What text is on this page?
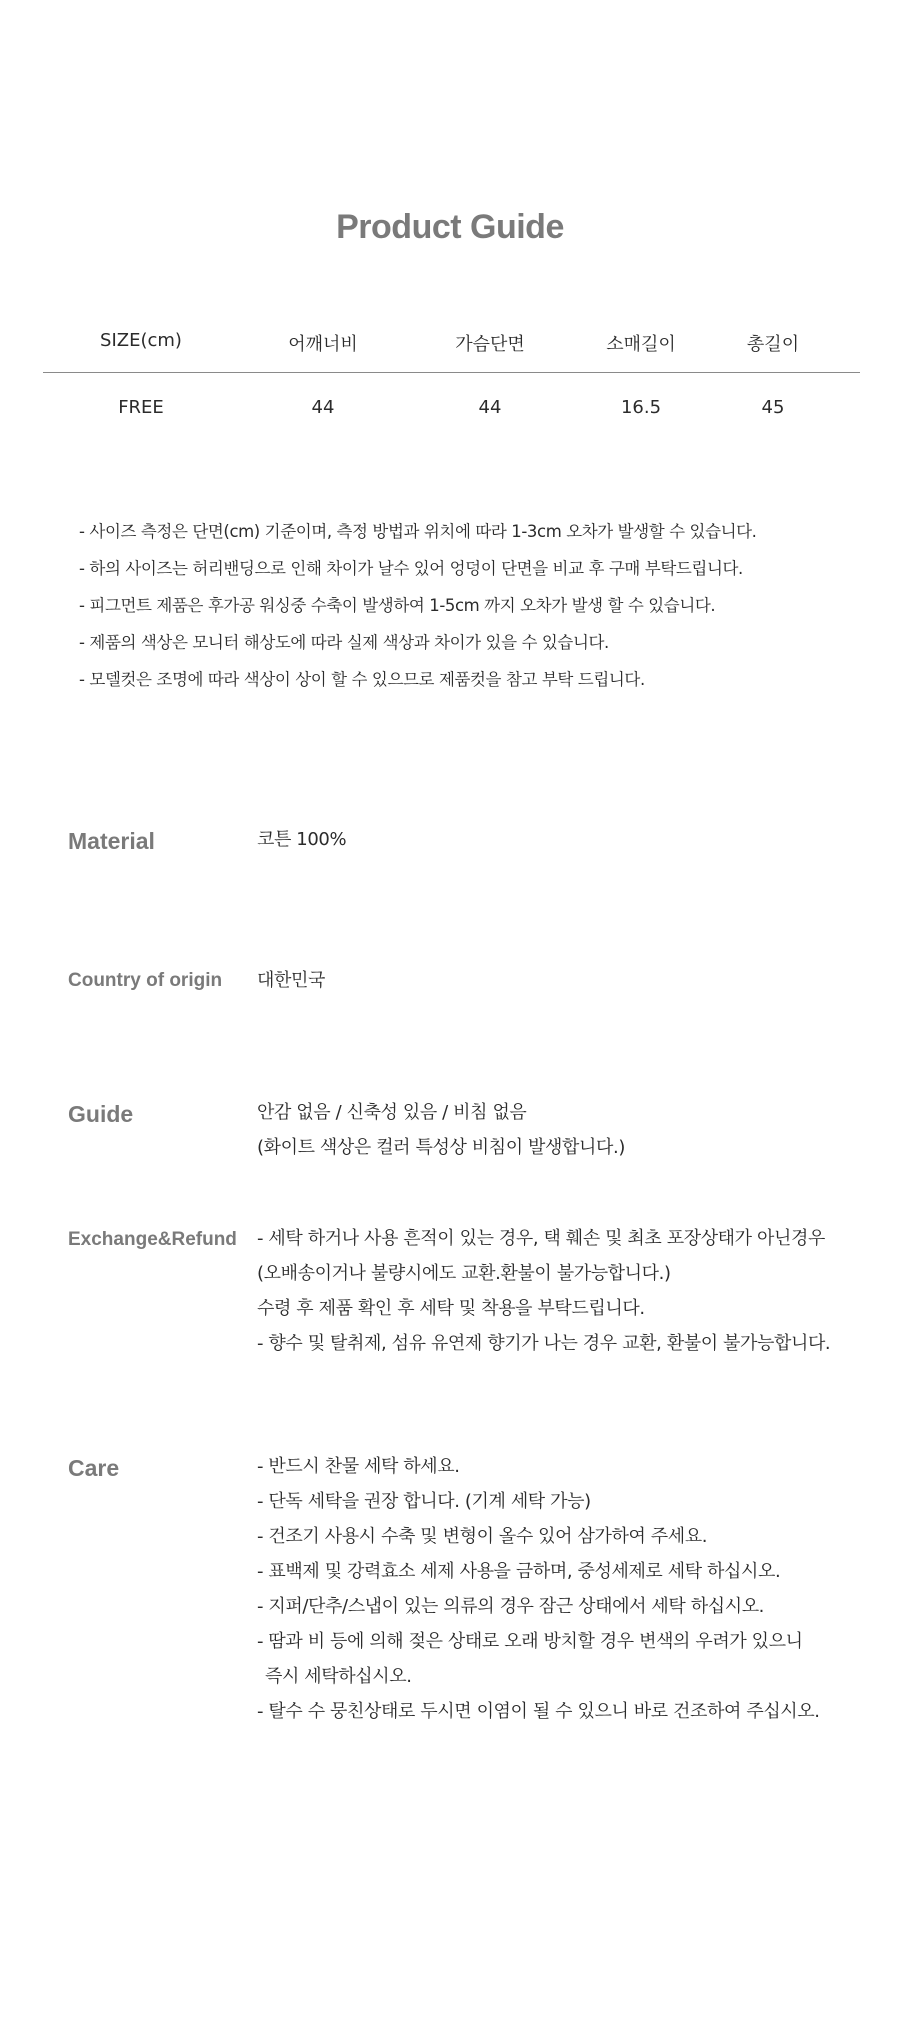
Product Guide
SIZE(cm)	어깨너비	가슴단면	소매길이	총길이
FREE	44	44	16.5	45
- 사이즈 측정은 단면(cm) 기준이며, 측정 방법과 위치에 따라 1-3cm 오차가 발생할 수 있습니다.
- 하의 사이즈는 허리밴딩으로 인해 차이가 날수 있어 엉덩이 단면을 비교 후 구매 부탁드립니다.
- 피그먼트 제품은 후가공 워싱중 수축이 발생하여 1-5cm 까지 오차가 발생 할 수 있습니다.
- 제품의 색상은 모니터 해상도에 따라 실제 색상과 차이가 있을 수 있습니다.
- 모델컷은 조명에 따라 색상이 상이 할 수 있으므로 제품컷을 참고 부탁 드립니다.
Material	코튼 100%
Country of origin 대한민국
Guide	안감 없음 / 신축성 있음 / 비침 없음
(화이트 색상은 컬러 특성상 비침이 발생합니다.)
Exchange&Refund - 세탁 하거나 사용 흔적이 있는 경우, 택 훼손 및 최초 포장상태가 아닌경우
(오배송이거나 불량시에도 교환.환불이 불가능합니다.)
수령 후 제품 확인 후 세탁 및 착용을 부탁드립니다.
- 향수 및 탈취제, 섬유 유연제 향기가 나는 경우 교환, 환불이 불가능합니다.
Care	- 반드시 찬물 세탁 하세요.
- 단독 세탁을 권장 합니다. (기계 세탁 가능)
- 건조기 사용시 수축 및 변형이 올수 있어 삼가하여 주세요.
- 표백제 및 강력효소 세제 사용을 금하며, 중성세제로 세탁 하십시오.
- 지퍼/단추/스냅이 있는 의류의 경우 잠근 상태에서 세탁 하십시오.
- 땀과 비 등에 의해 젖은 상태로 오래 방치할 경우 변색의 우려가 있으니
즉시 세탁하십시오.
- 탈수 수 뭉친상태로 두시면 이염이 될 수 있으니 바로 건조하여 주십시오.
